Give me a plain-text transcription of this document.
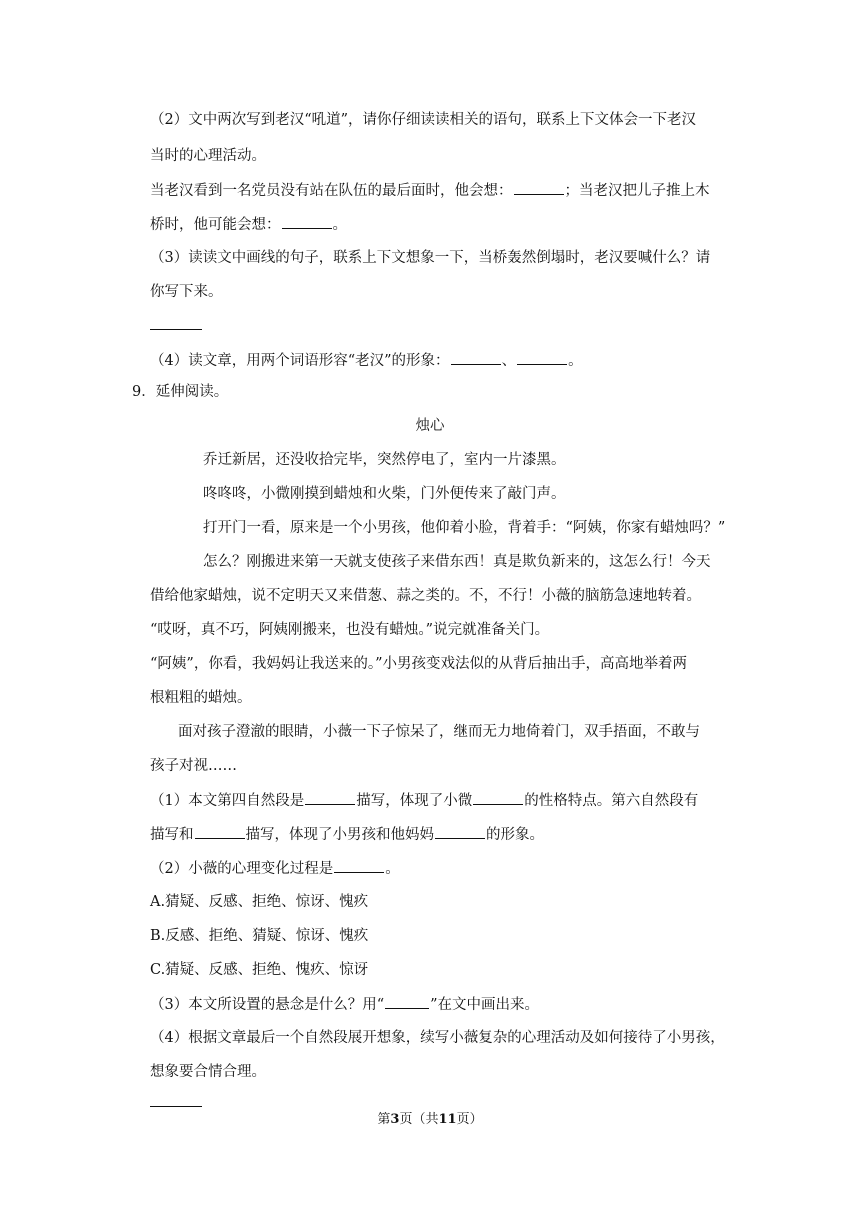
（2）文中两次写到老汉“吼道”，请你仔细读读相关的语句，联系上下文体会一下老汉

当时的心理活动。

当老汉看到一名党员没有站在队伍的最后面时，他会想：	；当老汉把儿子推上木

桥时，他可能会想：	。

（3）读读文中画线的句子，联系上下文想象一下，当桥轰然倒塌时，老汉要喊什么？请

你写下来。

（4）读文章，用两个词语形容“老汉”的形象：	、	。

9．延伸阅读。

烛心

乔迁新居，还没收拾完毕，突然停电了，室内一片漆黑。

咚咚咚，小微刚摸到蜡烛和火柴，门外便传来了敲门声。

打开门一看，原来是一个小男孩，他仰着小脸，背着手：“阿姨，你家有蜡烛吗？”

怎么？刚搬进来第一天就支使孩子来借东西！真是欺负新来的，这怎么行！今天

借给他家蜡烛，说不定明天又来借葱、蒜之类的。不，不行！小薇的脑筋急速地转着。

“哎呀，真不巧，阿姨刚搬来，也没有蜡烛。”说完就准备关门。

“阿姨”，你看，我妈妈让我送来的。”小男孩变戏法似的从背后抽出手，高高地举着两

根粗粗的蜡烛。

面对孩子澄澈的眼睛，小薇一下子惊呆了，继而无力地倚着门，双手捂面，不敢与

孩子对视……

（1）本文第四自然段是	描写，体现了小微	的性格特点。第六自然段有

描写和	描写，体现了小男孩和他妈妈	的形象。

（2）小薇的心理变化过程是	。

A.猜疑、反感、拒绝、惊讶、愧疚

B.反感、拒绝、猜疑、惊讶、愧疚

C.猜疑、反感、拒绝、愧疚、惊讶

（3）本文所设置的悬念是什么？用“	”在文中画出来。

（4）根据文章最后一个自然段展开想象，续写小薇复杂的心理活动及如何接待了小男孩，

想象要合情合理。

第3页（共11页）
